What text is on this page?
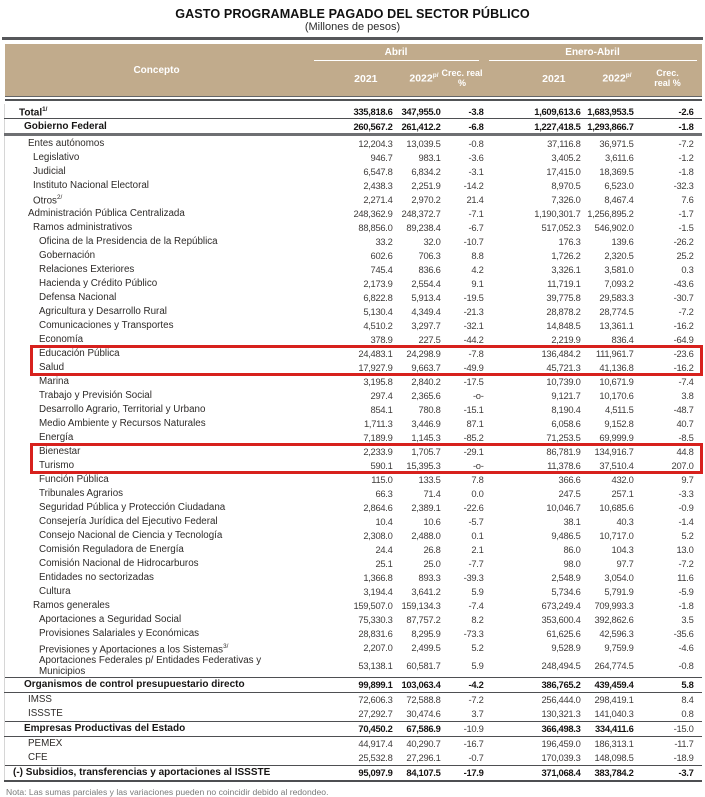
GASTO PROGRAMABLE PAGADO DEL SECTOR PÚBLICO
(Millones de pesos)
Concepto	Abril			Enero-Abril		

	2021	$2022^{p/}$	Crec. real %	2021	$2022^{p/}$	Crec. real %

Total$^{1/}$	335,818.6	347,955.0	-3.8	1,609,613.6	1,683,953.5	-2.6
Gobierno Federal	260,567.2	261,412.2	-6.8	1,227,418.5	1,293,866.7	-1.8
Entes autónomos	12,204.3	13,039.5	-0.8	37,116.8	36,971.5	-7.2
Legislativo	946.7	983.1	-3.6	3,405.2	3,611.6	-1.2
Judicial	6,547.8	6,834.2	-3.1	17,415.0	18,369.5	-1.8
Instituto Nacional Electoral	2,438.3	2,251.9	-14.2	8,970.5	6,523.0	-32.3
Otros$^{2/}$	2,271.4	2,970.2	21.4	7,326.0	8,467.4	7.6
Administración Pública Centralizada	248,362.9	248,372.7	-7.1	1,190,301.7	1,256,895.2	-1.7
Ramos administrativos	88,856.0	89,238.4	-6.7	517,052.3	546,902.0	-1.5
Oficina de la Presidencia de la República	33.2	32.0	-10.7	176.3	139.6	-26.2
Gobernación	602.6	706.3	8.8	1,726.2	2,320.5	25.2
Relaciones Exteriores	745.4	836.6	4.2	3,326.1	3,581.0	0.3
Hacienda y Crédito Público	2,173.9	2,554.4	9.1	11,719.1	7,093.2	-43.6
Defensa Nacional	6,822.8	5,913.4	-19.5	39,775.8	29,583.3	-30.7
Agricultura y Desarrollo Rural	5,130.4	4,349.4	-21.3	28,878.2	28,774.5	-7.2
Comunicaciones y Transportes	4,510.2	3,297.7	-32.1	14,848.5	13,361.1	-16.2
Economía	378.9	227.5	-44.2	2,219.9	836.4	-64.9
Educación Pública	24,483.1	24,298.9	-7.8	136,484.2	111,961.7	-23.6
Salud	17,927.9	9,663.7	-49.9	45,721.3	41,136.8	-16.2
Marina	3,195.8	2,840.2	-17.5	10,739.0	10,671.9	-7.4
Trabajo y Previsión Social	297.4	2,365.6	-o-	9,121.7	10,170.6	3.8
Desarrollo Agrario, Territorial y Urbano	854.1	780.8	-15.1	8,190.4	4,511.5	-48.7
Medio Ambiente y Recursos Naturales	1,711.3	3,446.9	87.1	6,058.6	9,152.8	40.7
Energía	7,189.9	1,145.3	-85.2	71,253.5	69,999.9	-8.5
Bienestar	2,233.9	1,705.7	-29.1	86,781.9	134,916.7	44.8
Turismo	590.1	15,395.3	-o-	11,378.6	37,510.4	207.0
Función Pública	115.0	133.5	7.8	366.6	432.0	9.7
Tribunales Agrarios	66.3	71.4	0.0	247.5	257.1	-3.3
Seguridad Pública y Protección Ciudadana	2,864.6	2,389.1	-22.6	10,046.7	10,685.6	-0.9
Consejería Jurídica del Ejecutivo Federal	10.4	10.6	-5.7	38.1	40.3	-1.4
Consejo Nacional de Ciencia y Tecnología	2,308.0	2,488.0	0.1	9,486.5	10,717.0	5.2
Comisión Reguladora de Energía	24.4	26.8	2.1	86.0	104.3	13.0
Comisión Nacional de Hidrocarburos	25.1	25.0	-7.7	98.0	97.7	-7.2
Entidades no sectorizadas	1,366.8	893.3	-39.3	2,548.9	3,054.0	11.6
Cultura	3,194.4	3,641.2	5.9	5,734.6	5,791.9	-5.9
Ramos generales	159,507.0	159,134.3	-7.4	673,249.4	709,993.3	-1.8
Aportaciones a Seguridad Social	75,330.3	87,757.2	8.2	353,600.4	392,862.6	3.5
Provisiones Salariales y Económicas	28,831.6	8,295.9	-73.3	61,625.6	42,596.3	-35.6
Previsiones y Aportaciones a los Sistemas$^{3/}$	2,207.0	2,499.5	5.2	9,528.9	9,759.9	-4.6
Aportaciones Federales p/ Entidades Federativas y Municipios	53,138.1	60,581.7	5.9	248,494.5	264,774.5	-0.8
Organismos de control presupuestario directo	99,899.1	103,063.4	-4.2	386,765.2	439,459.4	5.8
IMSS	72,606.3	72,588.8	-7.2	256,444.0	298,419.1	8.4
ISSSTE	27,292.7	30,474.6	3.7	130,321.3	141,040.3	0.8
Empresas Productivas del Estado	70,450.2	67,586.9	-10.9	366,498.3	334,411.6	-15.0
PEMEX	44,917.4	40,290.7	-16.7	196,459.0	186,313.1	-11.7
CFE	25,532.8	27,296.1	-0.7	170,039.3	148,098.5	-18.9
(-) Subsidios, transferencias y aportaciones al ISSSTE	95,097.9	84,107.5	-17.9	371,068.4	383,784.2	-3.7
Nota: Las sumas parciales y las variaciones pueden no coincidir debido al redondeo.
